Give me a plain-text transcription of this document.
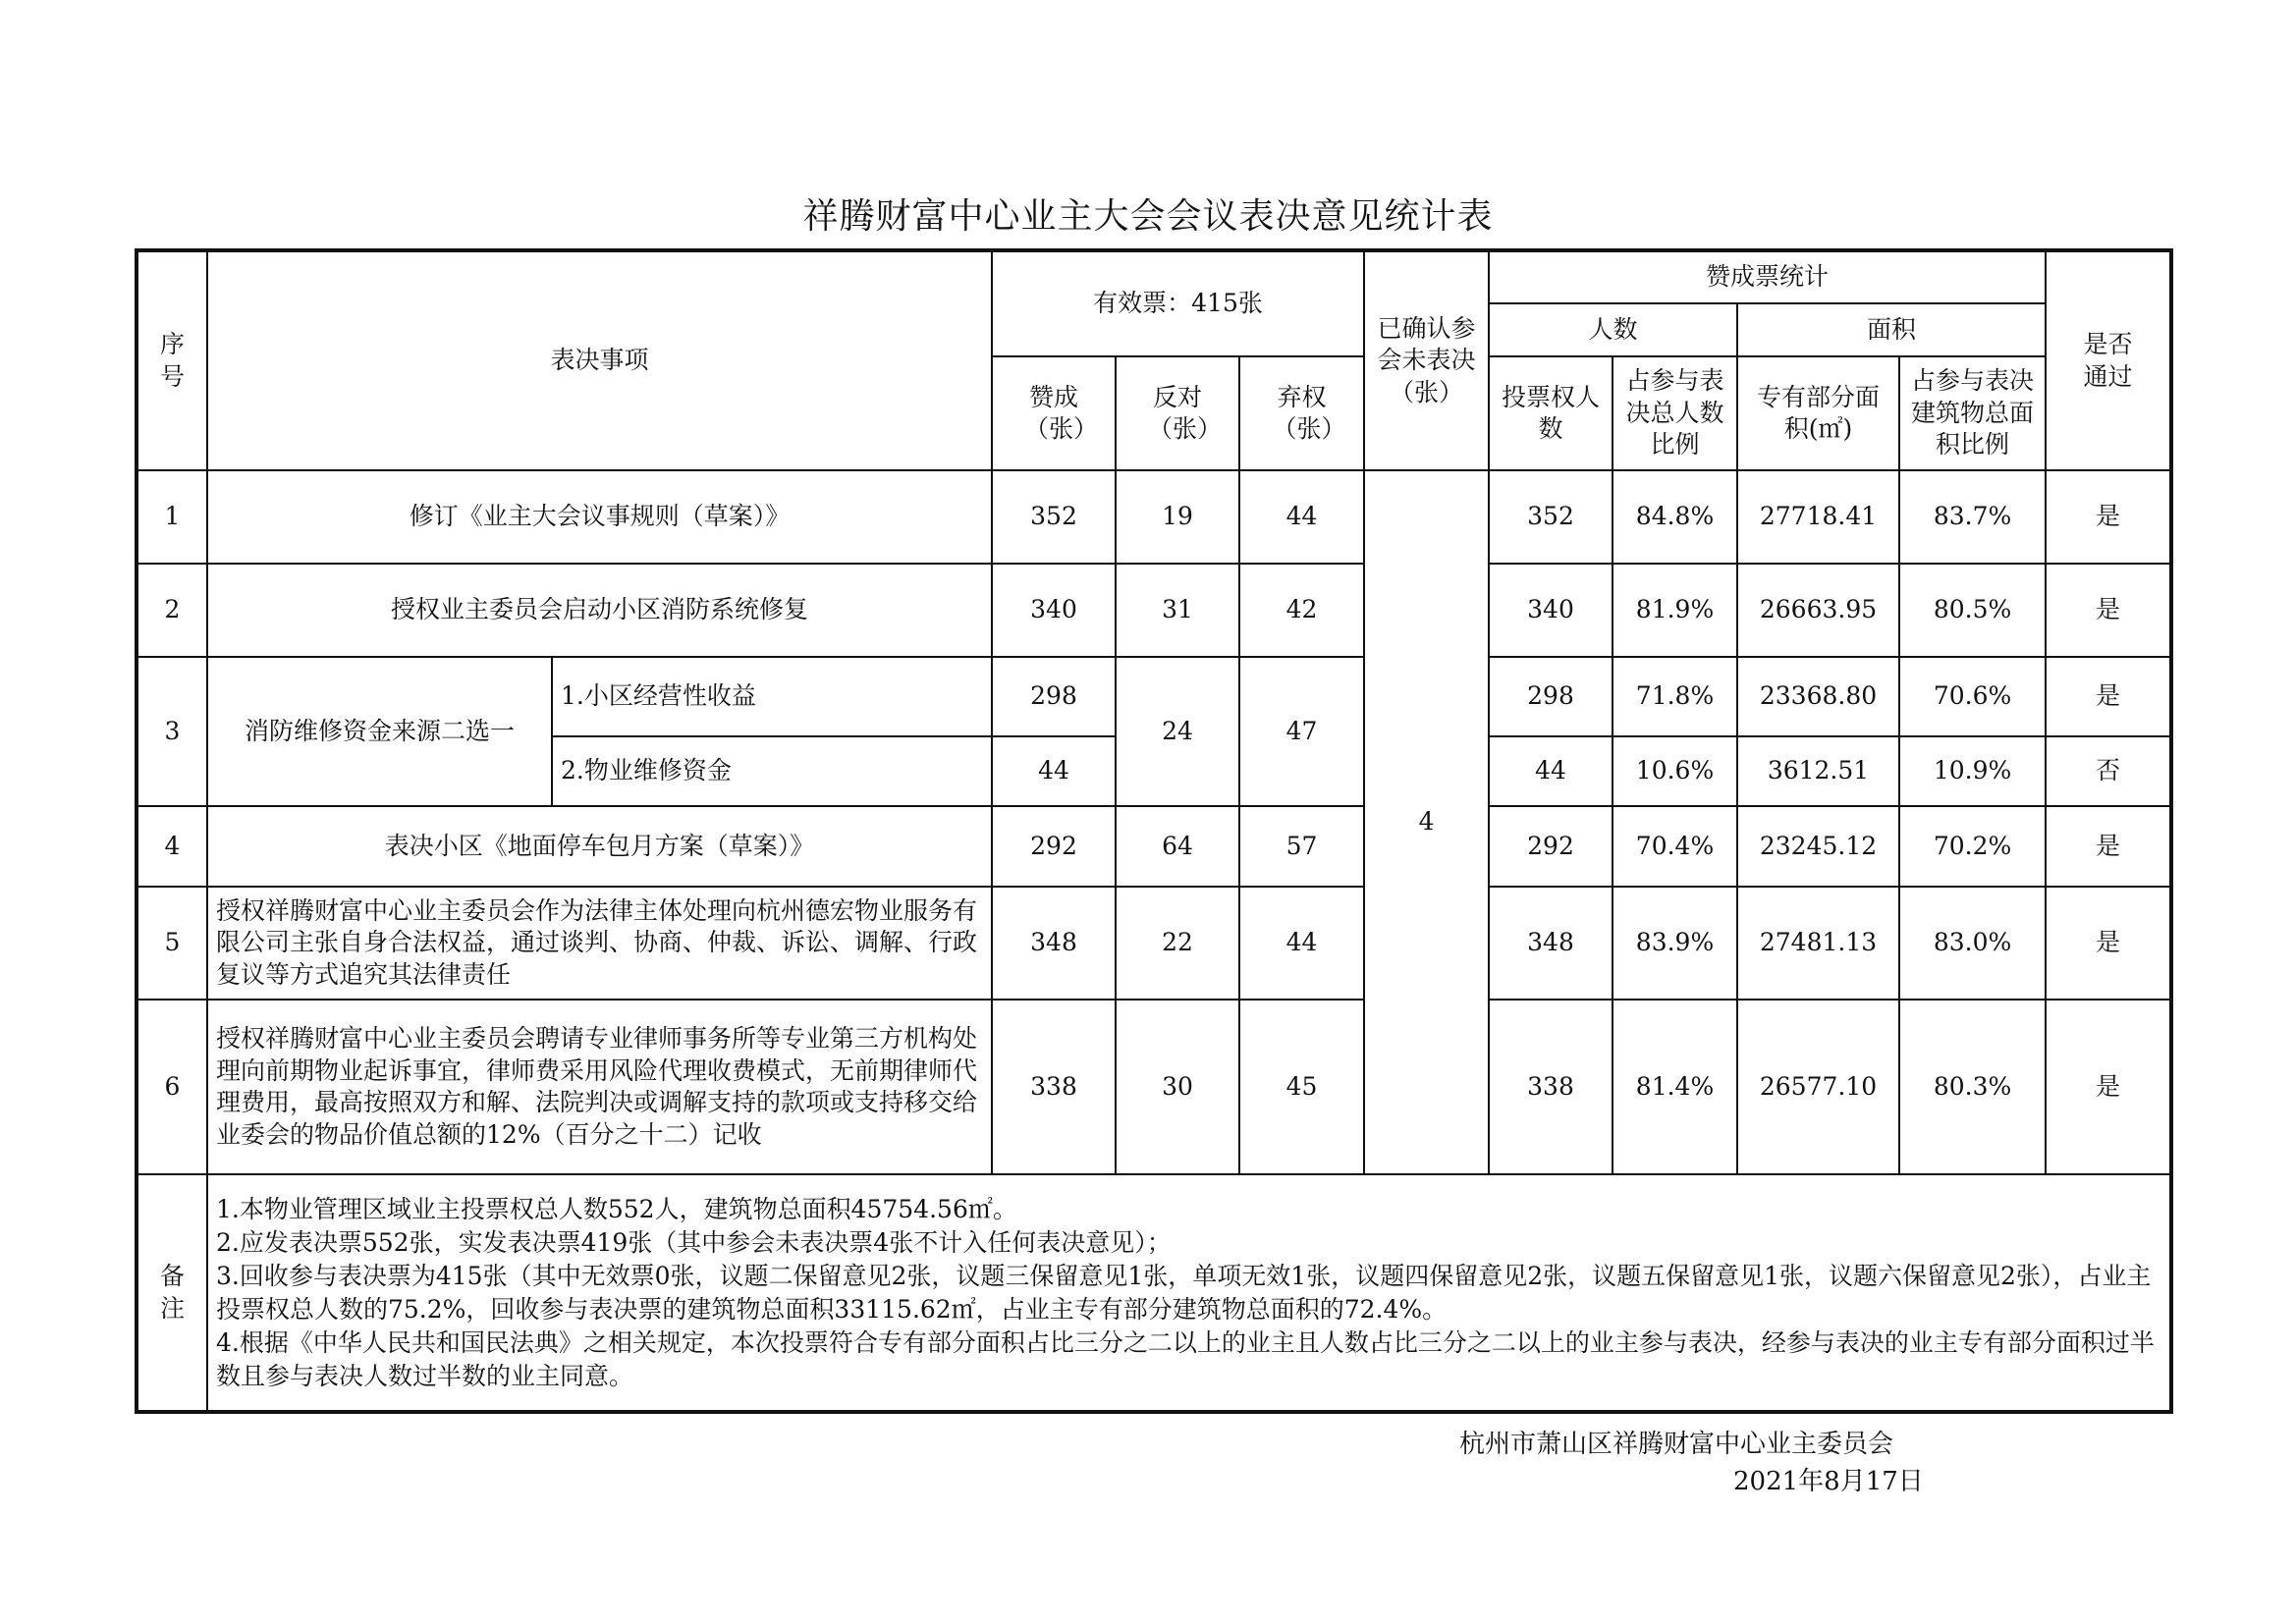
祥腾财富中心业主大会会议表决意见统计表
序号	表决事项		有效票：415张			已确认参会未表决（张）	赞成票统计				是否通过
							人数		面积		
			赞成（张）	反对（张）	弃权（张）		投票权人数	占参与表决总人数比例	专有部分面积(㎡)	占参与表决建筑物总面积比例	
1	修订《业主大会议事规则（草案）》		352	19	44	4	352	84.8%	27718.41	83.7%	是
2	授权业主委员会启动小区消防系统修复		340	31	42		340	81.9%	26663.95	80.5%	是
3	消防维修资金来源二选一	1.小区经营性收益	298	24	47		298	71.8%	23368.80	70.6%	是
		2.物业维修资金	44				44	10.6%	3612.51	10.9%	否
4	表决小区《地面停车包月方案（草案）》		292	64	57		292	70.4%	23245.12	70.2%	是
5	授权祥腾财富中心业主委员会作为法律主体处理向杭州德宏物业服务有限公司主张自身合法权益，通过谈判、协商、仲裁、诉讼、调解、行政复议等方式追究其法律责任		348	22	44		348	83.9%	27481.13	83.0%	是
6	授权祥腾财富中心业主委员会聘请专业律师事务所等专业第三方机构处理向前期物业起诉事宜，律师费采用风险代理收费模式，无前期律师代理费用，最高按照双方和解、法院判决或调解支持的款项或支持移交给业委会的物品价值总额的12%（百分之十二）记收		338	30	45		338	81.4%	26577.10	80.3%	是
备注	1.本物业管理区域业主投票权总人数552人，建筑物总面积45754.56㎡。
2.应发表决票552张，实发表决票419张（其中参会未表决票4张不计入任何表决意见）；
3.回收参与表决票为415张（其中无效票0张，议题二保留意见2张，议题三保留意见1张，单项无效1张，议题四保留意见2张，议题五保留意见1张，议题六保留意见2张），占业主投票权总人数的75.2%，回收参与表决票的建筑物总面积33115.62㎡，占业主专有部分建筑物总面积的72.4%。
4.根据《中华人民共和国民法典》之相关规定，本次投票符合专有部分面积占比三分之二以上的业主且人数占比三分之二以上的业主参与表决，经参与表决的业主专有部分面积过半数且参与表决人数过半数的业主同意。										
杭州市萧山区祥腾财富中心业主委员会
2021年8月17日
